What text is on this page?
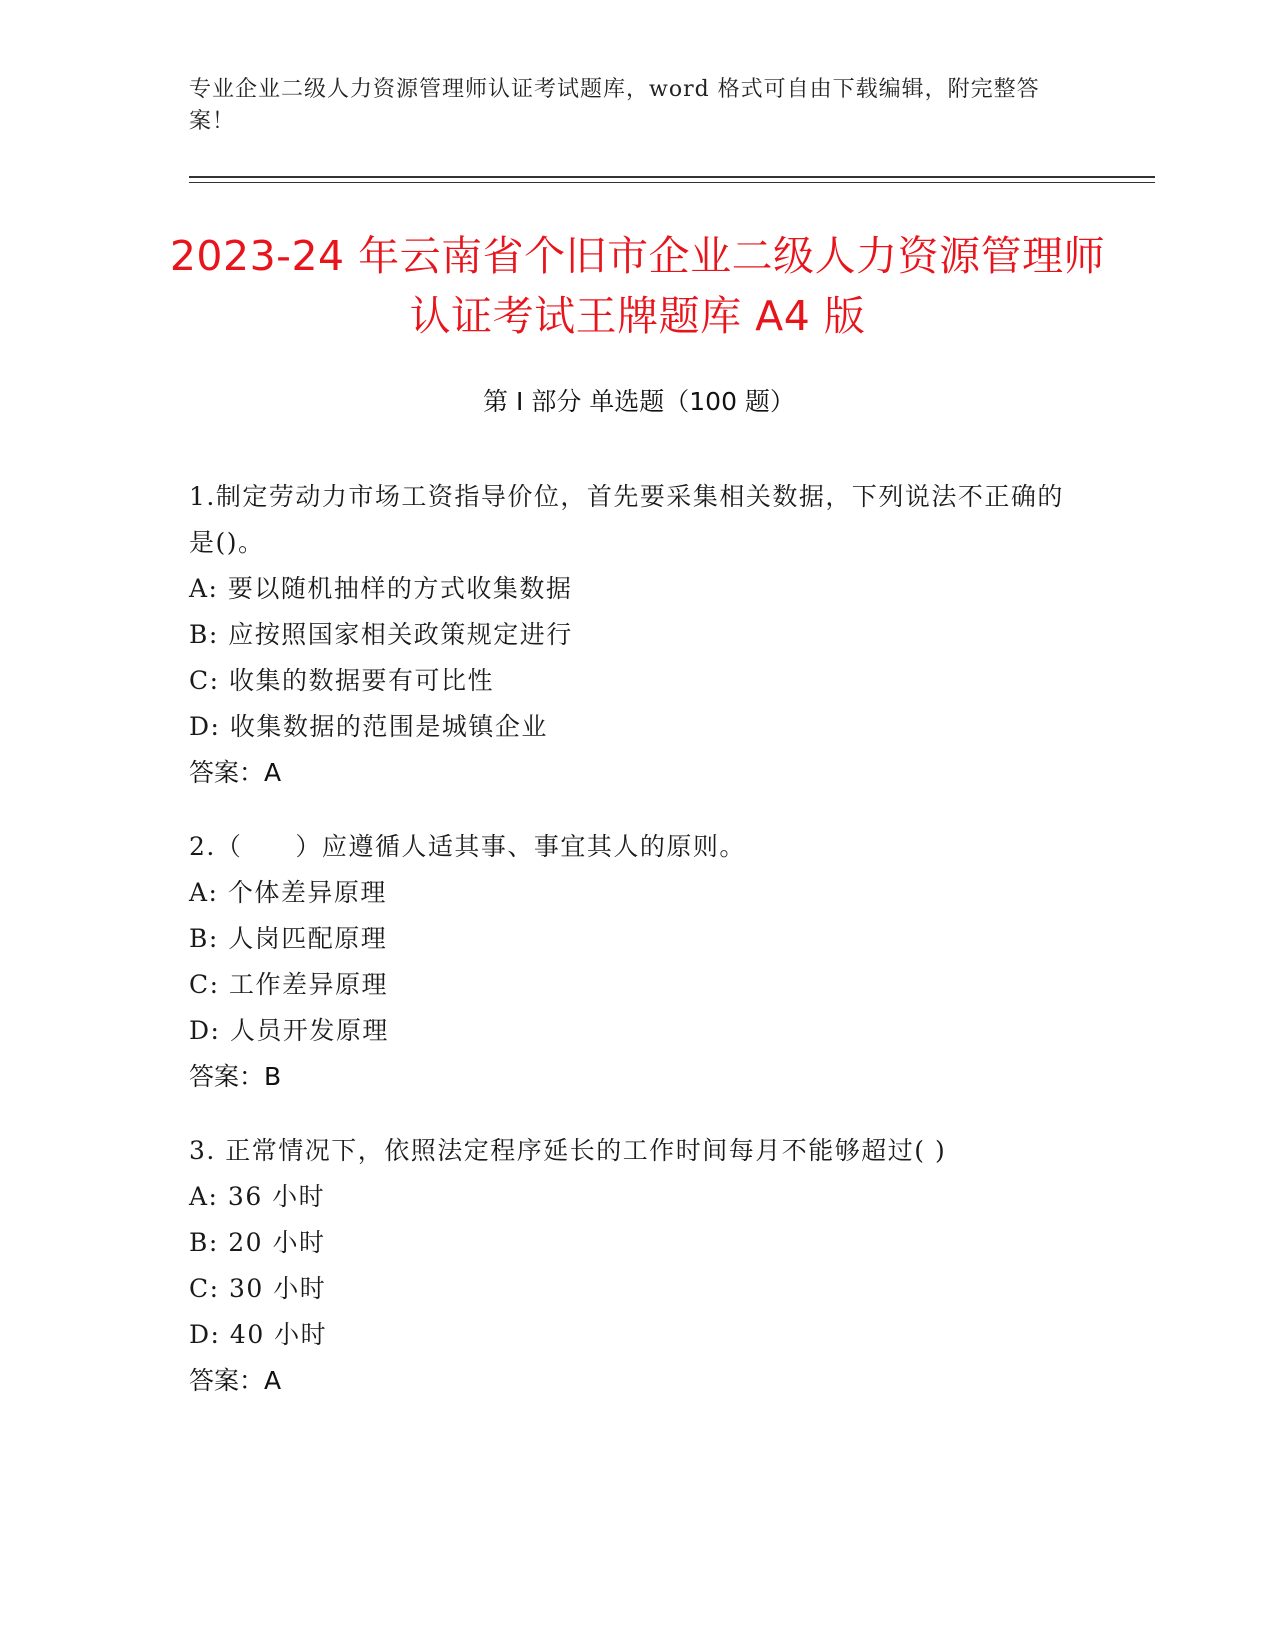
专业企业二级人力资源管理师认证考试题库，word 格式可自由下载编辑，附完整答案！
2023-24 年云南省个旧市企业二级人力资源管理师认证考试王牌题库 A4 版
第 I 部分 单选题（100 题）
1.制定劳动力市场工资指导价位，首先要采集相关数据，下列说法不正确的是()。
A: 要以随机抽样的方式收集数据
B: 应按照国家相关政策规定进行
C: 收集的数据要有可比性
D: 收集数据的范围是城镇企业
答案：A
2.（　　）应遵循人适其事、事宜其人的原则。
A: 个体差异原理
B: 人岗匹配原理
C: 工作差异原理
D: 人员开发原理
答案：B
3. 正常情况下，依照法定程序延长的工作时间每月不能够超过( )
A: 36 小时
B: 20 小时
C: 30 小时
D: 40 小时
答案：A
